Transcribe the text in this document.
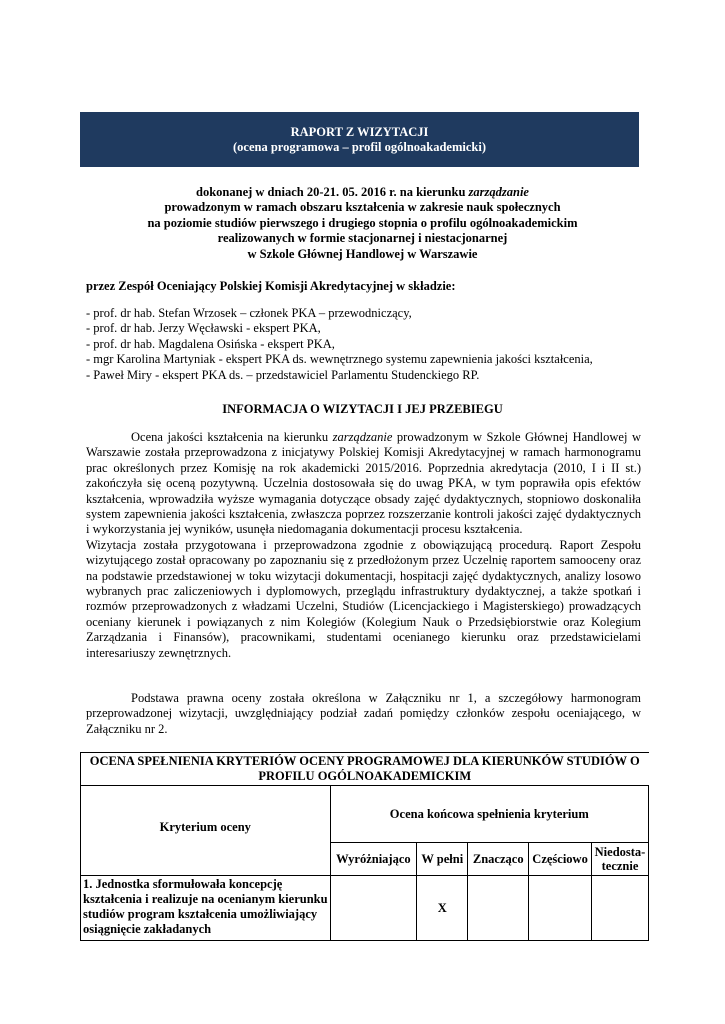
RAPORT Z WIZYTACJI
(ocena programowa – profil ogólnoakademicki)
dokonanej w dniach 20-21. 05. 2016 r. na kierunku zarządzanie
prowadzonym w ramach obszaru kształcenia w zakresie nauk społecznych
na poziomie studiów pierwszego i drugiego stopnia o profilu ogólnoakademickim
realizowanych w formie stacjonarnej i niestacjonarnej
w Szkole Głównej Handlowej w Warszawie
przez Zespół Oceniający Polskiej Komisji Akredytacyjnej w składzie:
- prof. dr hab. Stefan Wrzosek – członek PKA – przewodniczący,
- prof. dr hab. Jerzy Węcławski - ekspert PKA,
- prof. dr hab. Magdalena Osińska - ekspert PKA,
- mgr Karolina Martyniak - ekspert PKA ds. wewnętrznego systemu zapewnienia jakości kształcenia,
- Paweł Miry - ekspert PKA ds. – przedstawiciel Parlamentu Studenckiego RP.
INFORMACJA O WIZYTACJI I JEJ PRZEBIEGU
Ocena jakości kształcenia na kierunku zarządzanie prowadzonym w Szkole Głównej Handlowej w Warszawie została przeprowadzona z inicjatywy Polskiej Komisji Akredytacyjnej w ramach harmonogramu prac określonych przez Komisję na rok akademicki 2015/2016. Poprzednia akredytacja (2010, I i II st.) zakończyła się oceną pozytywną. Uczelnia dostosowała się do uwag PKA, w tym poprawiła opis efektów kształcenia, wprowadziła wyższe wymagania dotyczące obsady zajęć dydaktycznych, stopniowo doskonaliła system zapewnienia jakości kształcenia, zwłaszcza poprzez rozszerzanie kontroli jakości zajęć dydaktycznych i wykorzystania jej wyników, usunęła niedomagania dokumentacji procesu kształcenia.
Wizytacja została przygotowana i przeprowadzona zgodnie z obowiązującą procedurą. Raport Zespołu wizytującego został opracowany po zapoznaniu się z przedłożonym przez Uczelnię raportem samooceny oraz na podstawie przedstawionej w toku wizytacji dokumentacji, hospitacji zajęć dydaktycznych, analizy losowo wybranych prac zaliczeniowych i dyplomowych, przeglądu infrastruktury dydaktycznej, a także spotkań i rozmów przeprowadzonych z władzami Uczelni, Studiów (Licencjackiego i Magisterskiego) prowadzących oceniany kierunek i powiązanych z nim Kolegiów (Kolegium Nauk o Przedsiębiorstwie oraz Kolegium Zarządzania i Finansów), pracownikami, studentami ocenianego kierunku oraz przedstawicielami interesariuszy zewnętrznych.
Podstawa prawna oceny została określona w Załączniku nr 1, a szczegółowy harmonogram przeprowadzonej wizytacji, uwzględniający podział zadań pomiędzy członków zespołu oceniającego, w Załączniku nr 2.
OCENA SPEŁNIENIA KRYTERIÓW OCENY PROGRAMOWEJ DLA KIERUNKÓW STUDIÓW O PROFILU OGÓLNOAKADEMICKIM					
Kryterium oceny	Ocena końcowa spełnienia kryterium				
	Wyróżniająco	W pełni	Znacząco	Częściowo	Niedosta-tecznie
1. Jednostka sformułowała koncepcję kształcenia i realizuje na ocenianym kierunku studiów program kształcenia umożliwiający osiągnięcie zakładanych		X			
